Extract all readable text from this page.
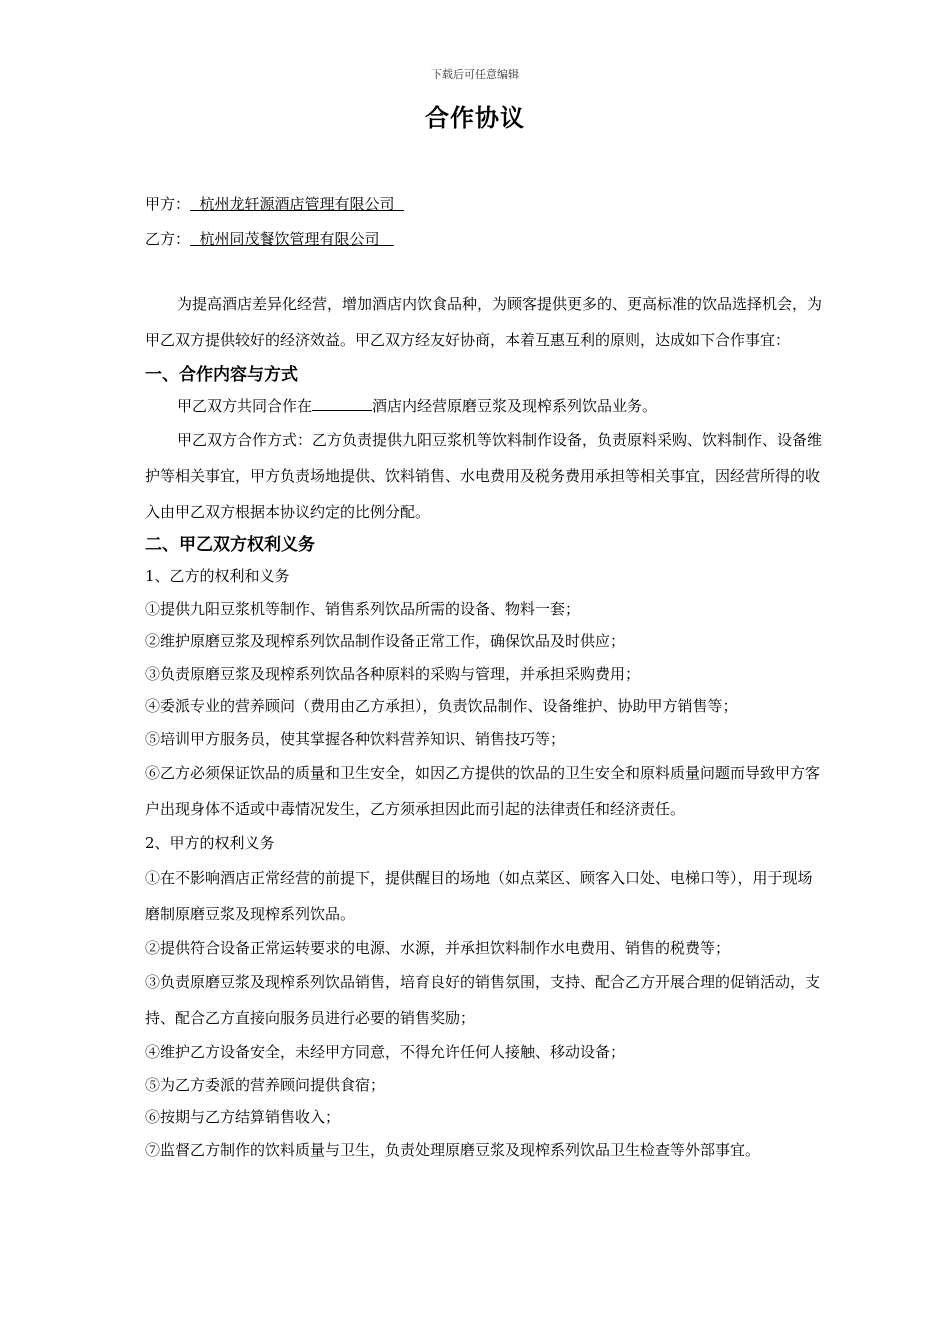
下载后可任意编辑
合作协议
甲方：  杭州龙轩源酒店管理有限公司
乙方：  杭州同茂餐饮管理有限公司

为提高酒店差异化经营，增加酒店内饮食品种，为顾客提供更多的、更高标准的饮品选择机会，为甲乙双方提供较好的经济效益。甲乙双方经友好协商，本着互惠互利的原则，达成如下合作事宜：

一、合作内容与方式

甲乙双方共同合作在	酒店内经营原磨豆浆及现榨系列饮品业务。

甲乙双方合作方式：乙方负责提供九阳豆浆机等饮料制作设备，负责原料采购、饮料制作、设备维护等相关事宜，甲方负责场地提供、饮料销售、水电费用及税务费用承担等相关事宜，因经营所得的收入由甲乙双方根据本协议约定的比例分配。

二、甲乙双方权利义务

1、乙方的权利和义务

①提供九阳豆浆机等制作、销售系列饮品所需的设备、物料一套；

②维护原磨豆浆及现榨系列饮品制作设备正常工作，确保饮品及时供应；

③负责原磨豆浆及现榨系列饮品各种原料的采购与管理，并承担采购费用；

④委派专业的营养顾问（费用由乙方承担），负责饮品制作、设备维护、协助甲方销售等；

⑤培训甲方服务员，使其掌握各种饮料营养知识、销售技巧等；

⑥乙方必须保证饮品的质量和卫生安全，如因乙方提供的饮品的卫生安全和原料质量问题而导致甲方客户出现身体不适或中毒情况发生，乙方须承担因此而引起的法律责任和经济责任。

2、甲方的权利义务

①在不影响酒店正常经营的前提下，提供醒目的场地（如点菜区、顾客入口处、电梯口等），用于现场磨制原磨豆浆及现榨系列饮品。

②提供符合设备正常运转要求的电源、水源，并承担饮料制作水电费用、销售的税费等；

③负责原磨豆浆及现榨系列饮品销售，培育良好的销售氛围，支持、配合乙方开展合理的促销活动，支持、配合乙方直接向服务员进行必要的销售奖励；

④维护乙方设备安全，未经甲方同意，不得允许任何人接触、移动设备；

⑤为乙方委派的营养顾问提供食宿；

⑥按期与乙方结算销售收入；

⑦监督乙方制作的饮料质量与卫生，负责处理原磨豆浆及现榨系列饮品卫生检查等外部事宜。
